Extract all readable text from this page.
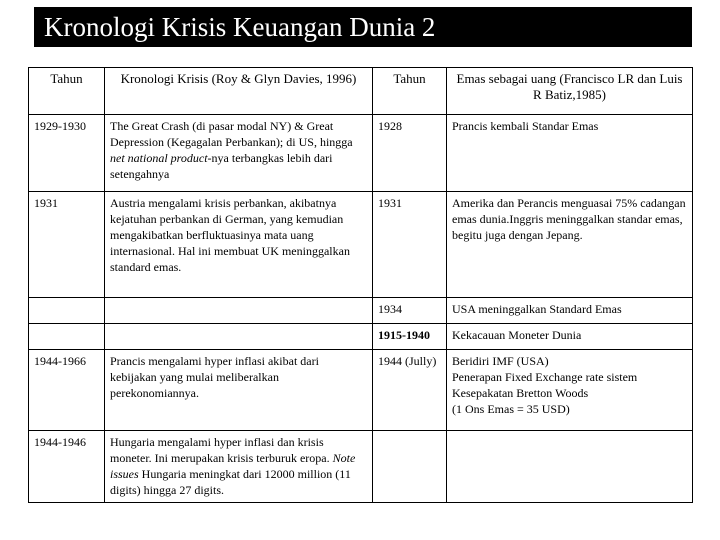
Kronologi Krisis Keuangan Dunia 2
Tahun	Kronologi Krisis (Roy & Glyn Davies, 1996)	Tahun	Emas sebagai uang (Francisco LR dan Luis R Batiz,1985)
1929-1930	The Great Crash (di pasar modal NY) & Great Depression (Kegagalan Perbankan); di US, hingga net national product-nya terbangkas lebih dari setengahnya	1928	Prancis kembali Standar Emas
1931	Austria mengalami krisis perbankan, akibatnya kejatuhan perbankan di German, yang kemudian mengakibatkan berfluktuasinya mata uang internasional. Hal ini membuat UK meninggalkan standard emas.	1931	Amerika dan Perancis menguasai 75% cadangan emas dunia.Inggris meninggalkan standar emas, begitu juga dengan Jepang.
		1934	USA meninggalkan Standard Emas
		1915-1940	Kekacauan Moneter Dunia
1944-1966	Prancis mengalami hyper inflasi akibat dari kebijakan yang mulai meliberalkan perekonomiannya.	1944 (Jully)	Beridiri IMF (USA)
Penerapan Fixed Exchange rate sistem
Kesepakatan Bretton Woods
(1 Ons Emas = 35 USD)

1944-1946	Hungaria mengalami hyper inflasi dan krisis moneter. Ini merupakan krisis terburuk eropa. Note issues Hungaria meningkat dari 12000 million (11 digits) hingga 27 digits.		
